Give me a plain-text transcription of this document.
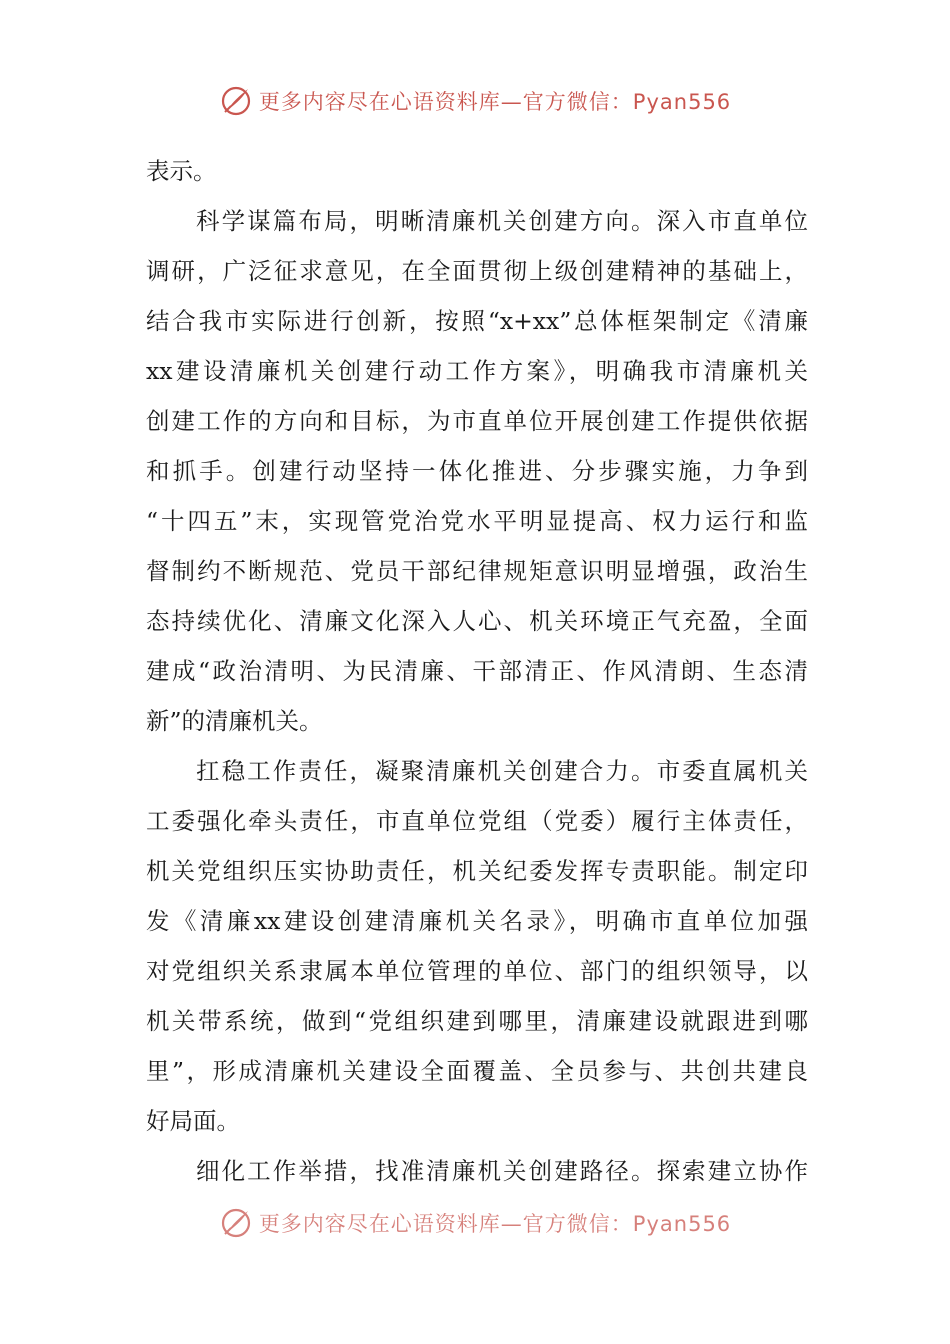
更多内容尽在心语资料库—官方微信：Pyan556
表示。
科学谋篇布局，明晰清廉机关创建方向。深入市直单位
调研，广泛征求意见，在全面贯彻上级创建精神的基础上，
结合我市实际进行创新，按照“x+xx”总体框架制定《清廉
xx建设清廉机关创建行动工作方案》，明确我市清廉机关
创建工作的方向和目标，为市直单位开展创建工作提供依据
和抓手。创建行动坚持一体化推进、分步骤实施，力争到
“十四五”末，实现管党治党水平明显提高、权力运行和监
督制约不断规范、党员干部纪律规矩意识明显增强，政治生
态持续优化、清廉文化深入人心、机关环境正气充盈，全面
建成“政治清明、为民清廉、干部清正、作风清朗、生态清
新”的清廉机关。
扛稳工作责任，凝聚清廉机关创建合力。市委直属机关
工委强化牵头责任，市直单位党组（党委）履行主体责任，
机关党组织压实协助责任，机关纪委发挥专责职能。制定印
发《清廉xx建设创建清廉机关名录》，明确市直单位加强
对党组织关系隶属本单位管理的单位、部门的组织领导，以
机关带系统，做到“党组织建到哪里，清廉建设就跟进到哪
里”，形成清廉机关建设全面覆盖、全员参与、共创共建良
好局面。
细化工作举措，找准清廉机关创建路径。探索建立协作
更多内容尽在心语资料库—官方微信：Pyan556
